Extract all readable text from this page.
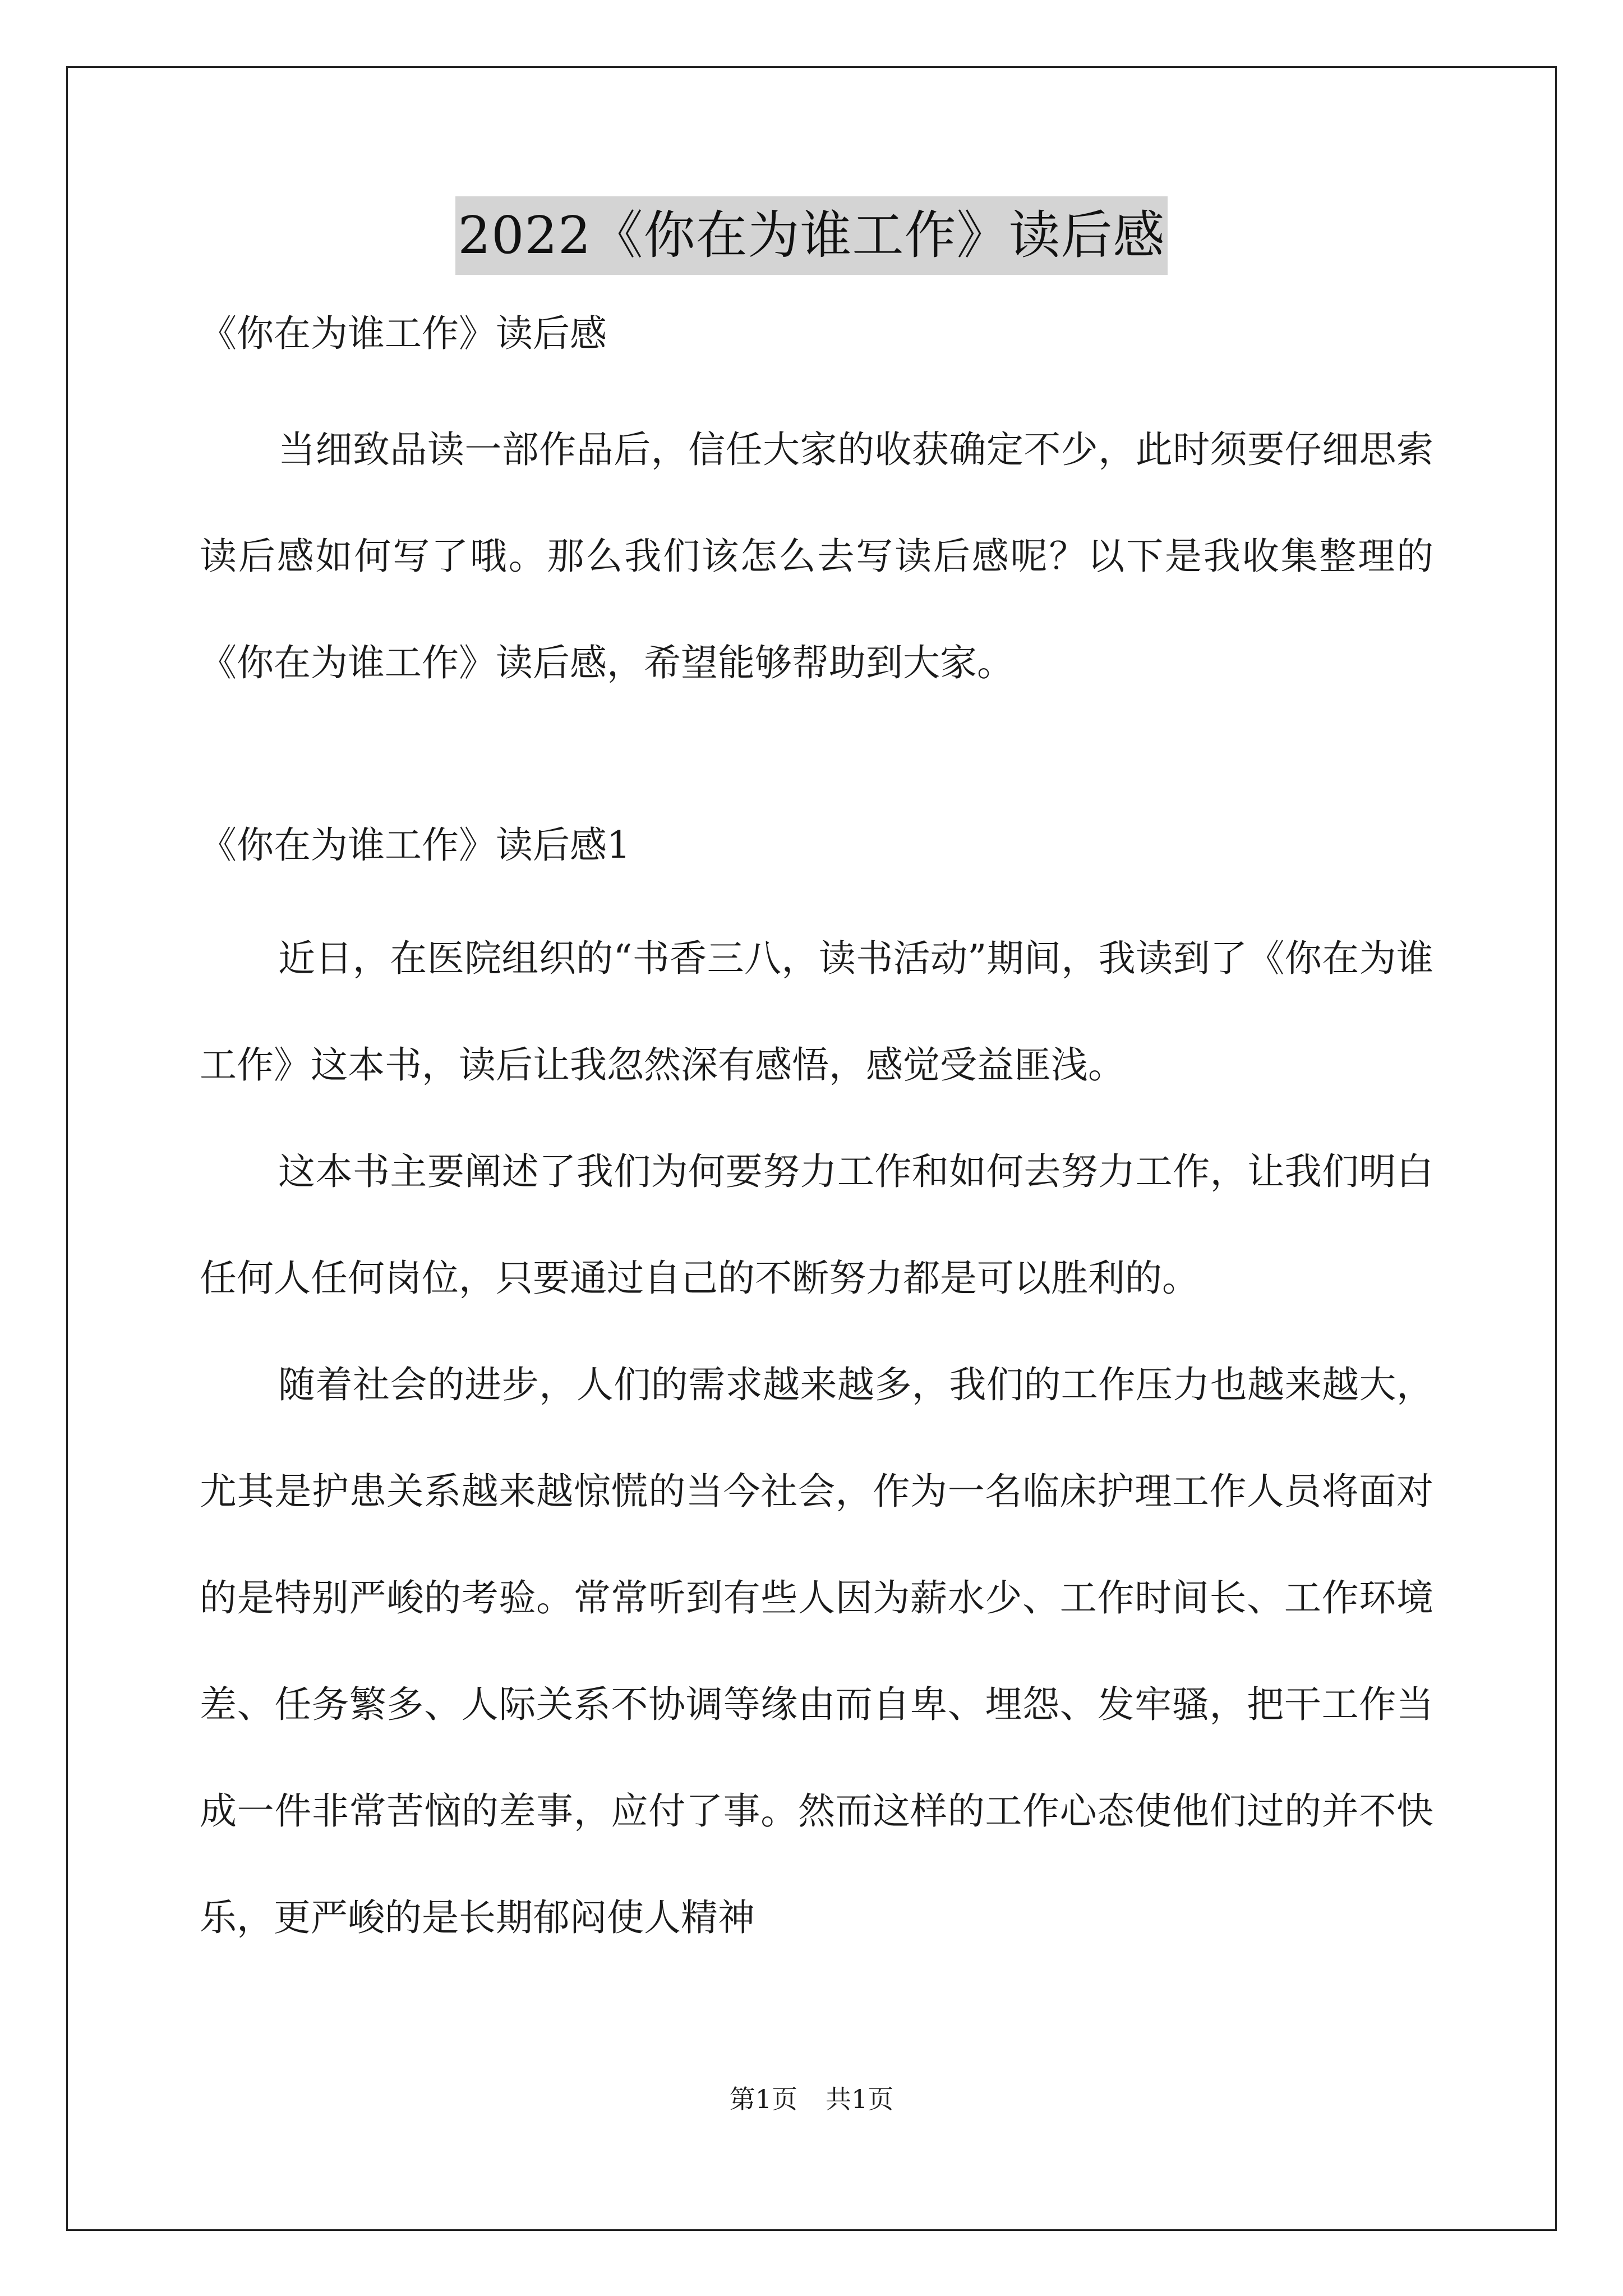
2022《你在为谁工作》读后感

《你在为谁工作》读后感

当细致品读一部作品后，信任大家的收获确定不少，此时须要仔细思索读后感如何写了哦。那么我们该怎么去写读后感呢？以下是我收集整理的《你在为谁工作》读后感，希望能够帮助到大家。

《你在为谁工作》读后感1

近日，在医院组织的“书香三八，读书活动”期间，我读到了《你在为谁工作》这本书，读后让我忽然深有感悟，感觉受益匪浅。

这本书主要阐述了我们为何要努力工作和如何去努力工作，让我们明白任何人任何岗位，只要通过自己的不断努力都是可以胜利的。

随着社会的进步，人们的需求越来越多，我们的工作压力也越来越大，尤其是护患关系越来越惊慌的当今社会，作为一名临床护理工作人员将面对的是特别严峻的考验。常常听到有些人因为薪水少、工作时间长、工作环境差、任务繁多、人际关系不协调等缘由而自卑、埋怨、发牢骚，把干工作当成一件非常苦恼的差事，应付了事。然而这样的工作心态使他们过的并不快乐，更严峻的是长期郁闷使人精神

第1页 共1页
